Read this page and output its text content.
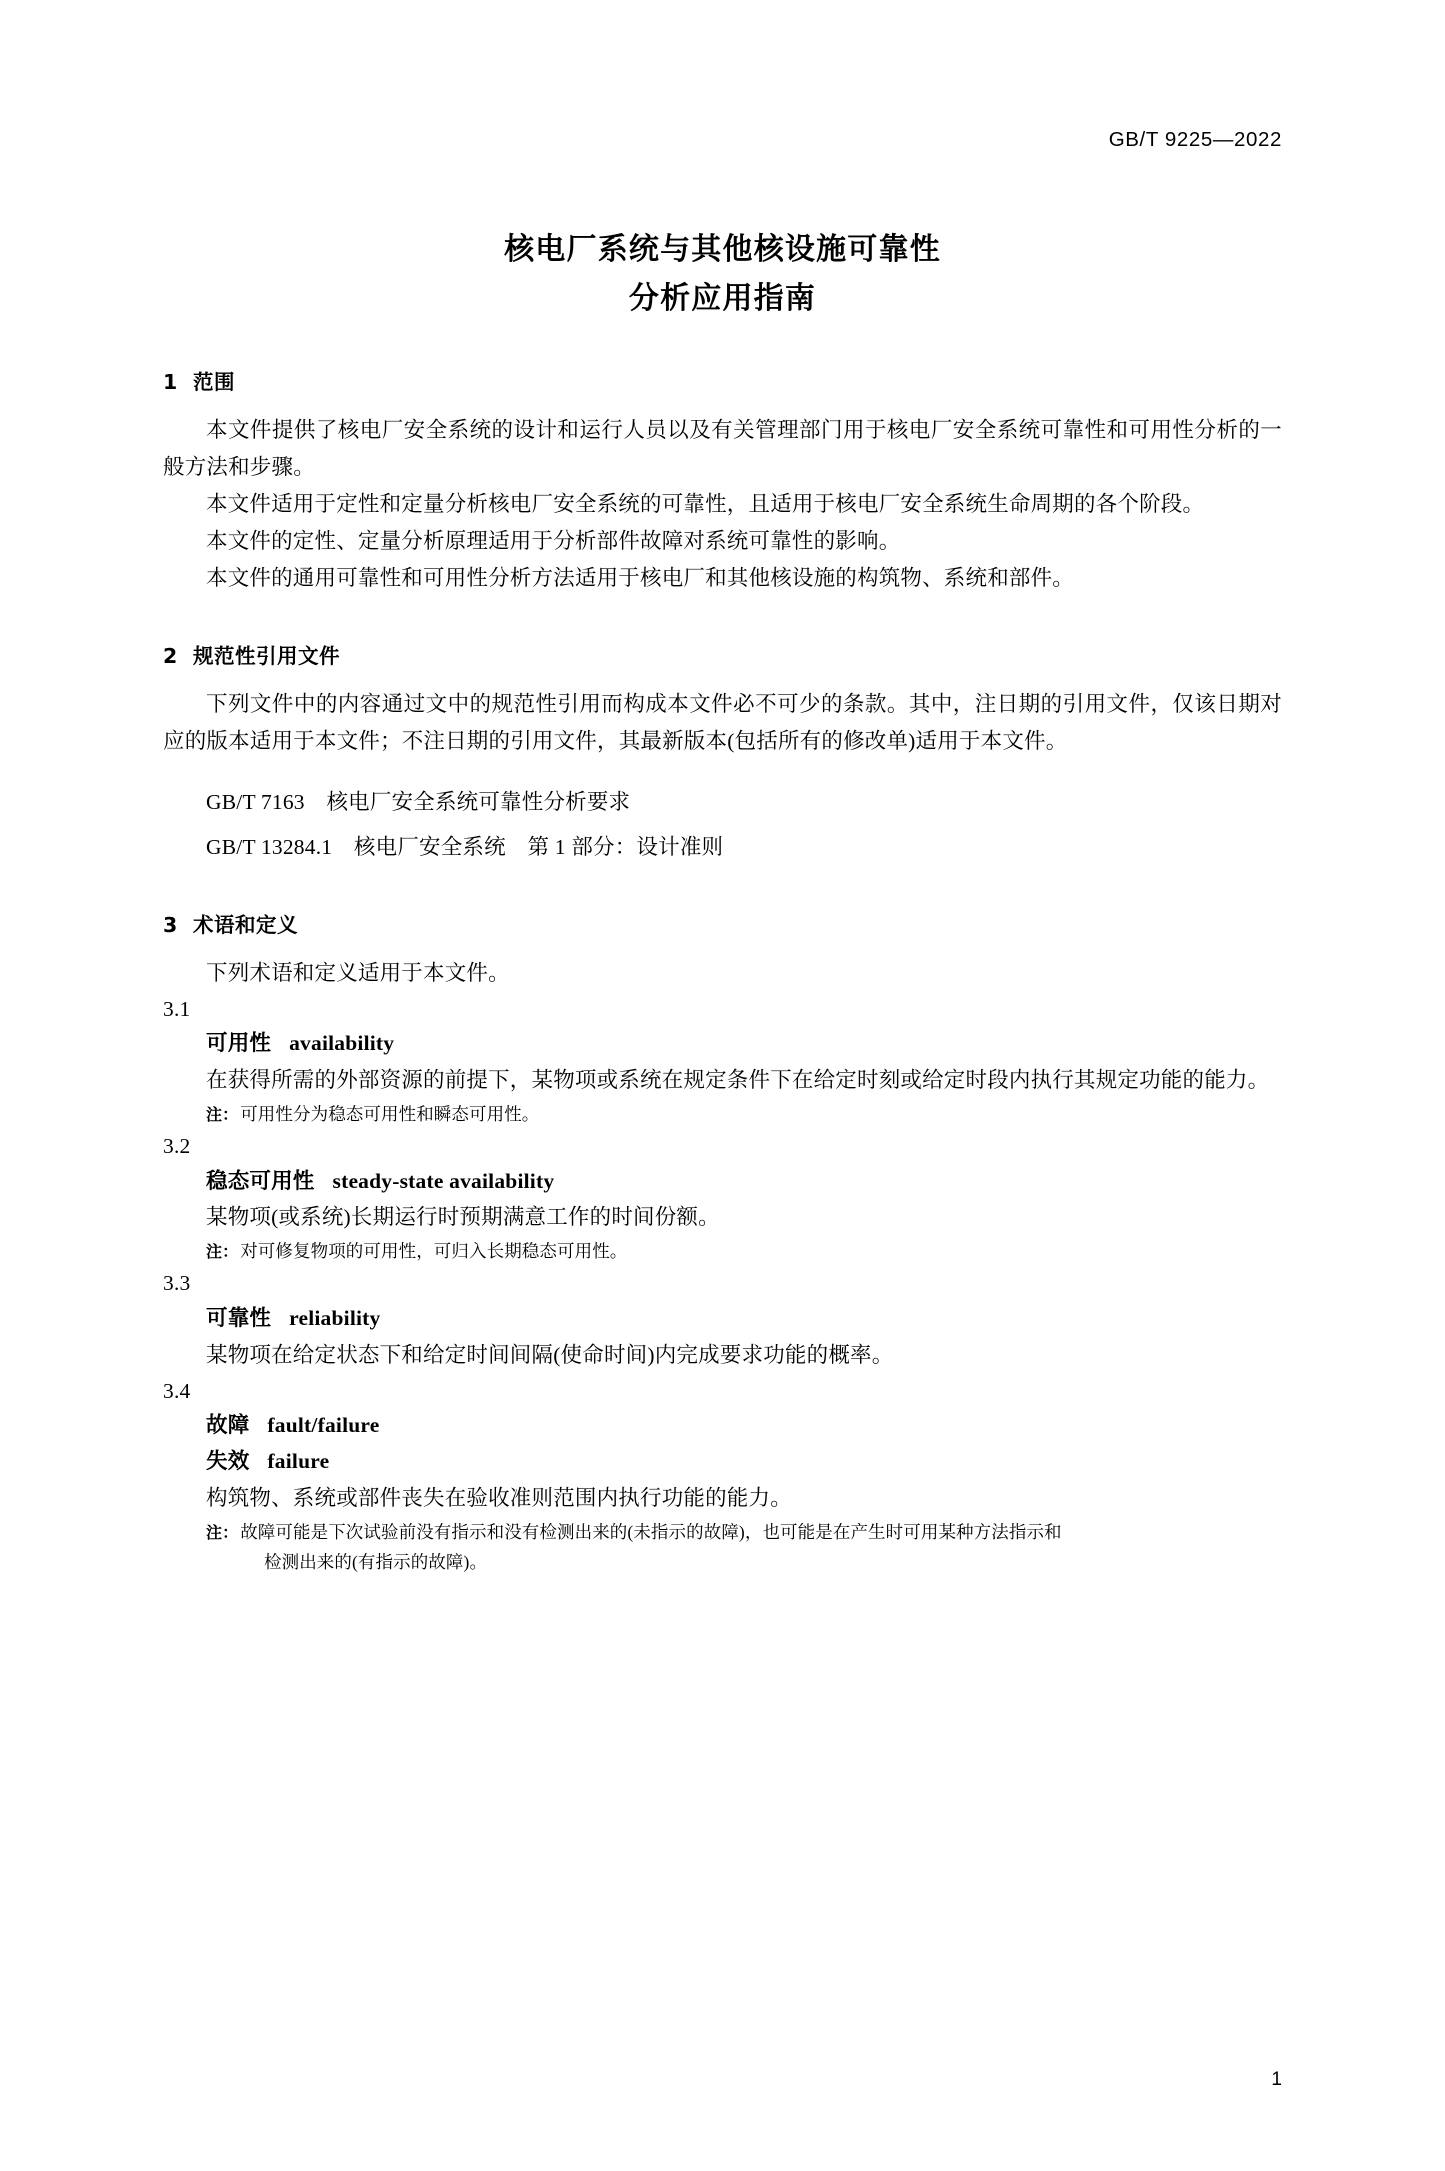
GB/T 9225—2022
核电厂系统与其他核设施可靠性
分析应用指南
1 范围

本文件提供了核电厂安全系统的设计和运行人员以及有关管理部门用于核电厂安全系统可靠性和可用性分析的一般方法和步骤。

本文件适用于定性和定量分析核电厂安全系统的可靠性，且适用于核电厂安全系统生命周期的各个阶段。

本文件的定性、定量分析原理适用于分析部件故障对系统可靠性的影响。

本文件的通用可靠性和可用性分析方法适用于核电厂和其他核设施的构筑物、系统和部件。

2 规范性引用文件

下列文件中的内容通过文中的规范性引用而构成本文件必不可少的条款。其中，注日期的引用文件，仅该日期对应的版本适用于本文件；不注日期的引用文件，其最新版本(包括所有的修改单)适用于本文件。

GB/T 7163　核电厂安全系统可靠性分析要求

GB/T 13284.1　核电厂安全系统　第 1 部分：设计准则

3 术语和定义

下列术语和定义适用于本文件。

3.1

可用性 availability

在获得所需的外部资源的前提下，某物项或系统在规定条件下在给定时刻或给定时段内执行其规定功能的能力。

注： 可用性分为稳态可用性和瞬态可用性。

3.2

稳态可用性 steady-state availability

某物项(或系统)长期运行时预期满意工作的时间份额。

注： 对可修复物项的可用性，可归入长期稳态可用性。

3.3

可靠性 reliability

某物项在给定状态下和给定时间间隔(使命时间)内完成要求功能的概率。

3.4

故障 fault/failure

失效 failure

构筑物、系统或部件丧失在验收准则范围内执行功能的能力。

注： 故障可能是下次试验前没有指示和没有检测出来的(未指示的故障)，也可能是在产生时可用某种方法指示和
检测出来的(有指示的故障)。

1
